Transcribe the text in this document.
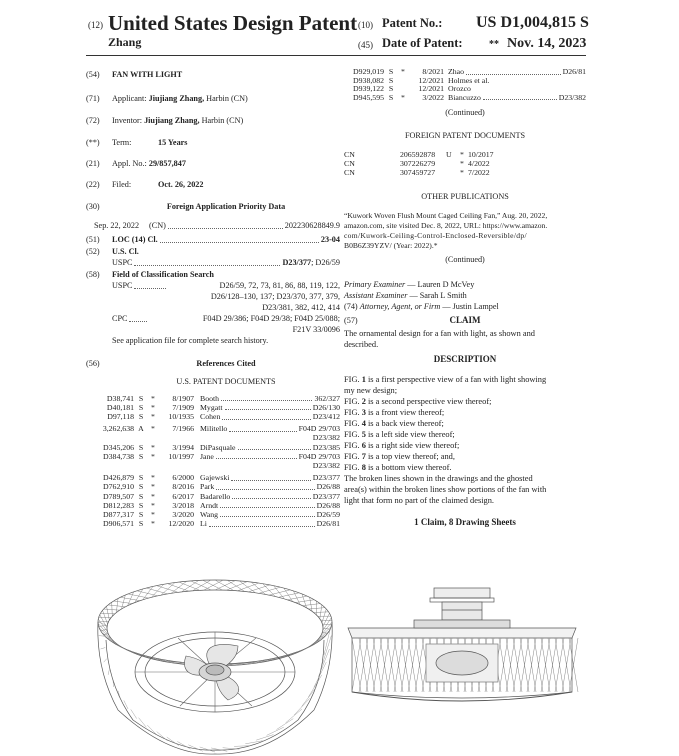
(12) United States Design Patent
Zhang
(10) Patent No.: US D1,004,815 S
(45) Date of Patent:	** Nov. 14, 2023
(54) FAN WITH LIGHT
(71) Applicant: Jiujiang Zhang, Harbin (CN)
(72) Inventor: Jiujiang Zhang, Harbin (CN)
(**) Term:	15 Years
(21) Appl. No.: 29/857,847
(22) Filed:	Oct. 26, 2022
(30)	Foreign Application Priority Data
Sep. 22, 2022 (CN)	202230628849.9
(51) LOC (14) Cl.	23-04
(52) U.S. Cl.
USPC	D23/377 ; D26/59
(58) Field of Classification Search
USPC	D26/59, 72, 73, 81, 86, 88, 119, 122,
D26/128–130, 137; D23/370, 377, 379,
D23/381, 382, 412, 414
CPC	F04D 29/386; F04D 29/38; F04D 25/088;
F21V 33/0096
See application file for complete search history.
(56)	References Cited
U.S. PATENT DOCUMENTS
D38,741 S	*	8/1907 Booth	362/327
D40,181 S	*	7/1909 Mygatt	D26/130
D97,118 S	*	10/1935 Cohen	D23/412
3,262,638 A *	7/1966 Militello	F04D 29/703
D23/382
D345,206 S	*	3/1994 DiPasquale	D23/385
D384,738 S	*	10/1997 Jane	F04D 29/703
D23/382
D426,879 S	*	6/2000 Gajewski	D23/377
D762,910 S	*	8/2016 Park	D26/88
D789,507 S	*	6/2017 Badarello	D23/377
D812,283 S	*	3/2018 Arndt	D26/88
D877,317 S	*	3/2020 Wang	D26/59
D906,571 S	*	12/2020 Li	D26/81
D929,019 S	*	8/2021 Zhao	D26/81
D938,082 S	12/2021 Holmes et al.
D939,122 S	12/2021 Orozco
D945,595 S	*	3/2022 Biancuzzo	D23/382
(Continued)
FOREIGN PATENT DOCUMENTS
CN	206592878	U	* 10/2017
CN	307226279	* 4/2022
CN	307459727	* 7/2022
OTHER PUBLICATIONS
“Kuwork Woven Flush Mount Caged Ceiling Fan,” Aug. 20, 2022,
amazon.com, site visited Dec. 8, 2022, URL: https://www.amazon.
com/Kuwork-Ceiling-Control-Enclosed-Reversible/dp/
B0B6Z39YZV/ (Year: 2022).*
(Continued)
Primary Examiner — Lauren D McVey
Assistant Examiner — Sarah L Smith
(74) Attorney, Agent, or Firm — Justin Lampel
(57)	CLAIM
The ornamental design for a fan with light, as shown and
described.
DESCRIPTION
FIG. 1 is a first perspective view of a fan with light showing
my new design;
FIG. 2 is a second perspective view thereof;
FIG. 3 is a front view thereof;
FIG. 4 is a back view thereof;
FIG. 5 is a left side view thereof;
FIG. 6 is a right side view thereof;
FIG. 7 is a top view thereof; and,
FIG. 8 is a bottom view thereof.
The broken lines shown in the drawings and the ghosted
area(s) within the broken lines show portions of the fan with
light that form no part of the claimed design.
1 Claim, 8 Drawing Sheets
